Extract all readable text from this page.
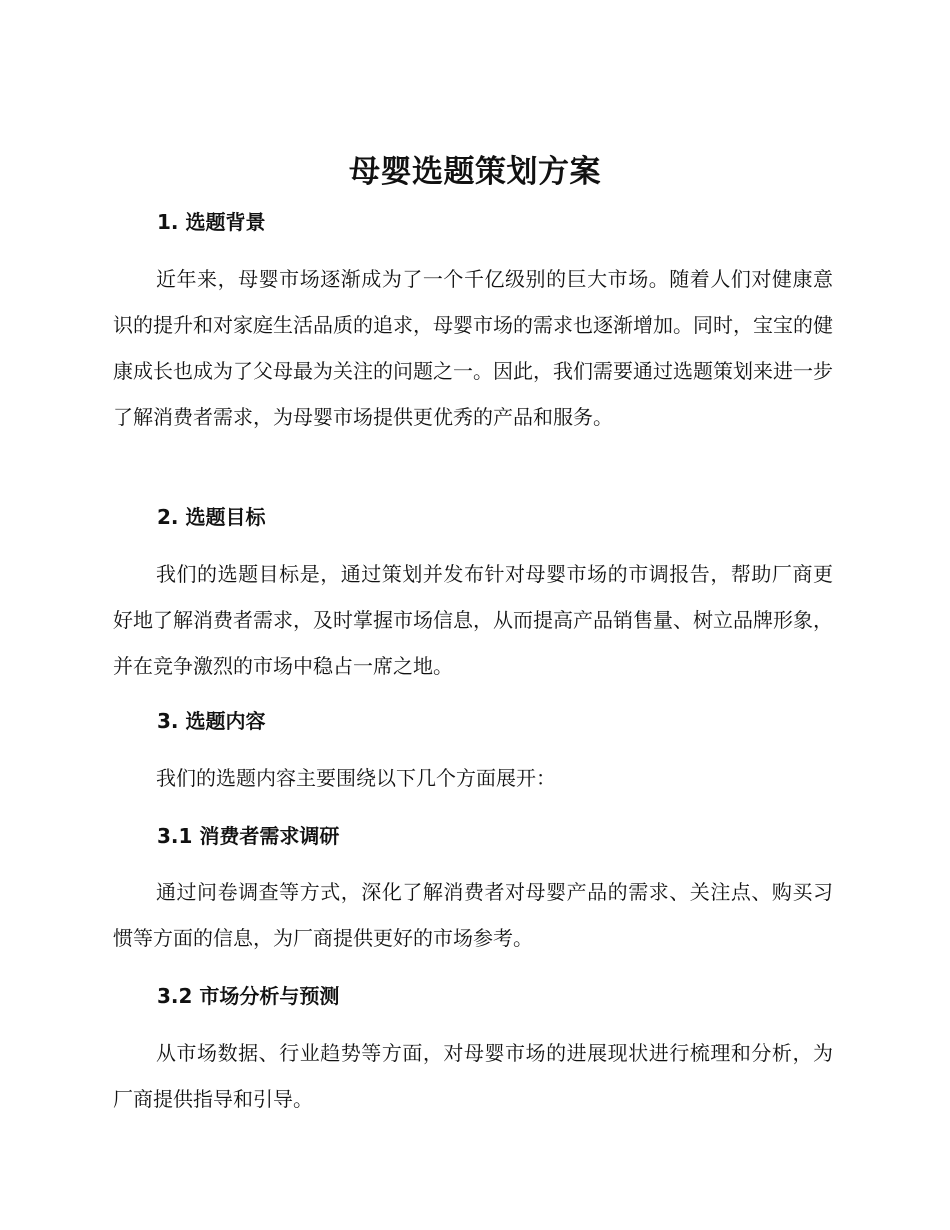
母婴选题策划方案
1. 选题背景

近年来，母婴市场逐渐成为了一个千亿级别的巨大市场。随着人们对健康意识的提升和对家庭生活品质的追求，母婴市场的需求也逐渐增加。同时，宝宝的健康成长也成为了父母最为关注的问题之一。因此，我们需要通过选题策划来进一步了解消费者需求，为母婴市场提供更优秀的产品和服务。

2. 选题目标

我们的选题目标是，通过策划并发布针对母婴市场的市调报告，帮助厂商更好地了解消费者需求，及时掌握市场信息，从而提高产品销售量、树立品牌形象，并在竞争激烈的市场中稳占一席之地。

3. 选题内容

我们的选题内容主要围绕以下几个方面展开：

3.1 消费者需求调研

通过问卷调查等方式，深化了解消费者对母婴产品的需求、关注点、购买习惯等方面的信息，为厂商提供更好的市场参考。

3.2 市场分析与预测

从市场数据、行业趋势等方面，对母婴市场的进展现状进行梳理和分析，为厂商提供指导和引导。
